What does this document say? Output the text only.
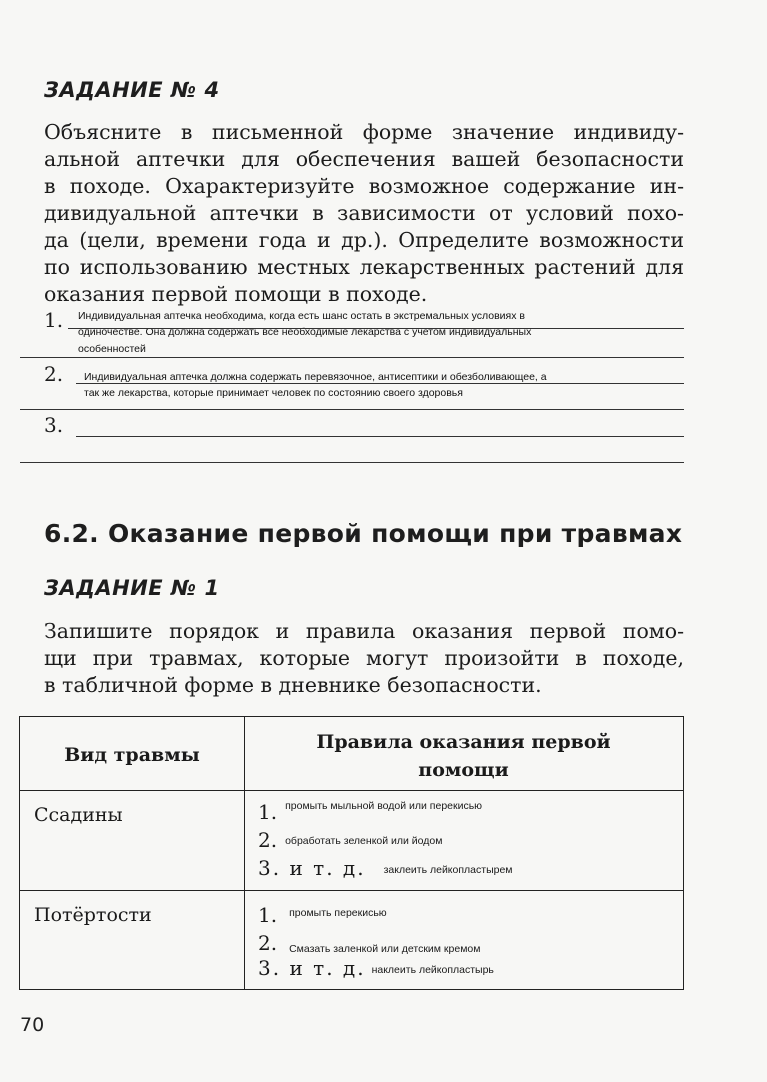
ЗАДАНИЕ № 4
Объясните в письменной форме значение индивиду-
альной аптечки для обеспечения вашей безопасности
в походе. Охарактеризуйте возможное содержание ин-
дивидуальной аптечки в зависимости от условий похо-
да (цели, времени года и др.). Определите возможности
по использованию местных лекарственных растений для
оказания первой помощи в походе.
1. Индивидуальная аптечка необходима, когда есть шанс остать в экстремальных условиях в
одиночестве. Она должна содержать все необходимые лекарства с учетом индивидуальных
особенностей
2. Индивидуальная аптечка должна содержать перевязочное, антисептики и обезболивающее, а
так же лекарства, которые принимает человек по состоянию своего здоровья
3.
6.2. Оказание первой помощи при травмах
ЗАДАНИЕ № 1
Запишите порядок и правила оказания первой помо-
щи при травмах, которые могут произойти в походе,
в табличной форме в дневнике безопасности.
Вид травмы
Правила оказания первой
помощи
Ссадины	1. промыть мыльной водой или перекисью
2. обработать зеленкой или йодом
3. и т. д. заклеить лейкопластырем
Потёртости	1. промыть перекисью
2. Смазать заленкой или детским кремом
3. и т. д. наклеить лейкопластырь
70
